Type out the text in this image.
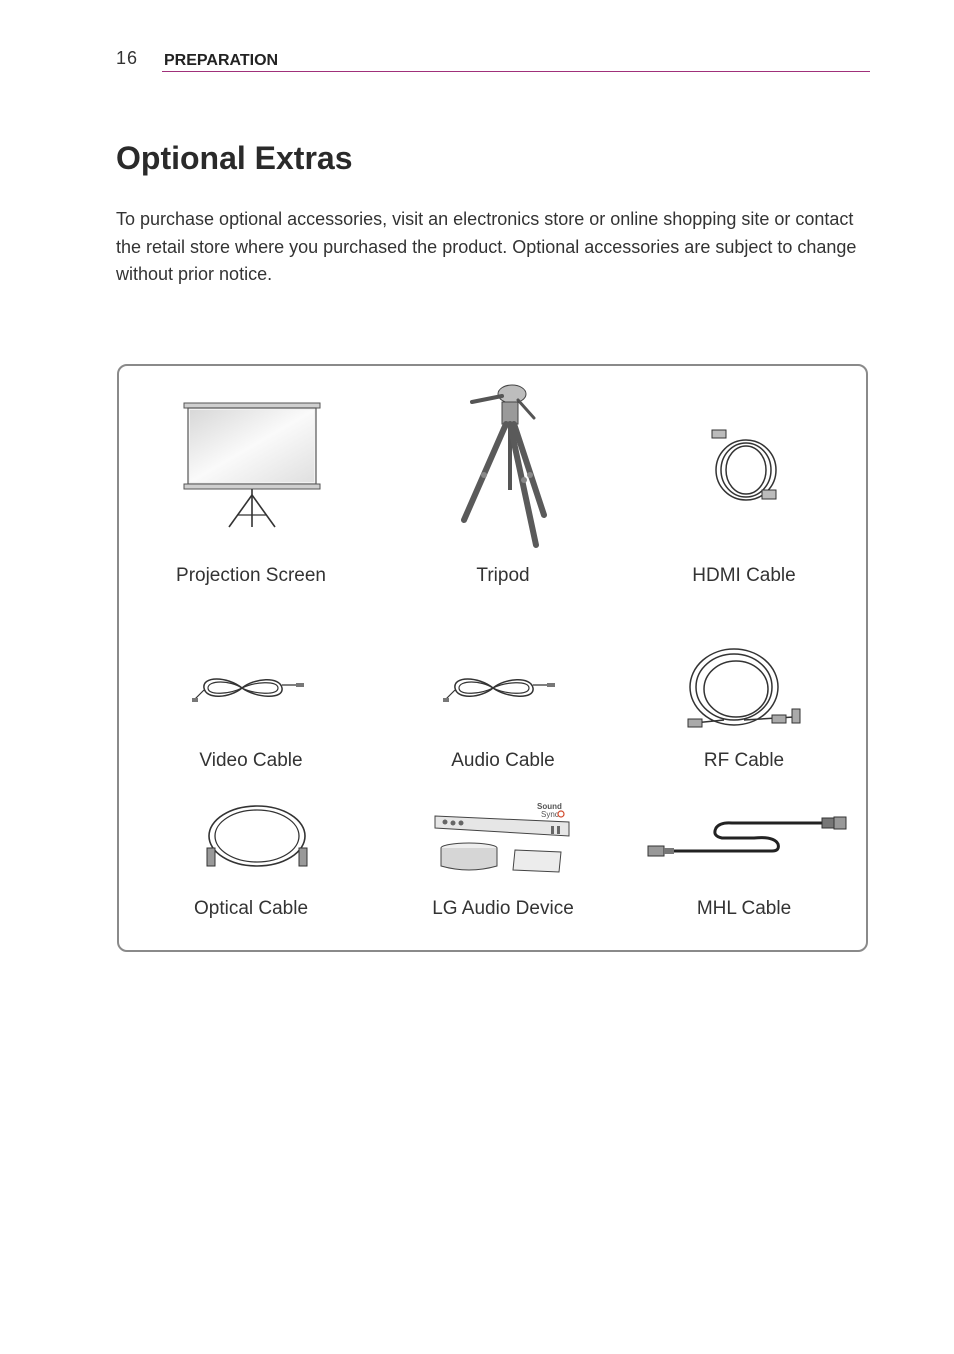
16 PREPARATION
Optional Extras

To purchase optional accessories, visit an electronics store or online shopping site or contact the retail store where you purchased the product. Optional accessories are subject to change without prior notice.

Projection Screen	Tripod	HDMI Cable
Video Cable	Audio Cable	RF Cable
Optical Cable
Sound
Sync
LG Audio Device	MHL Cable
